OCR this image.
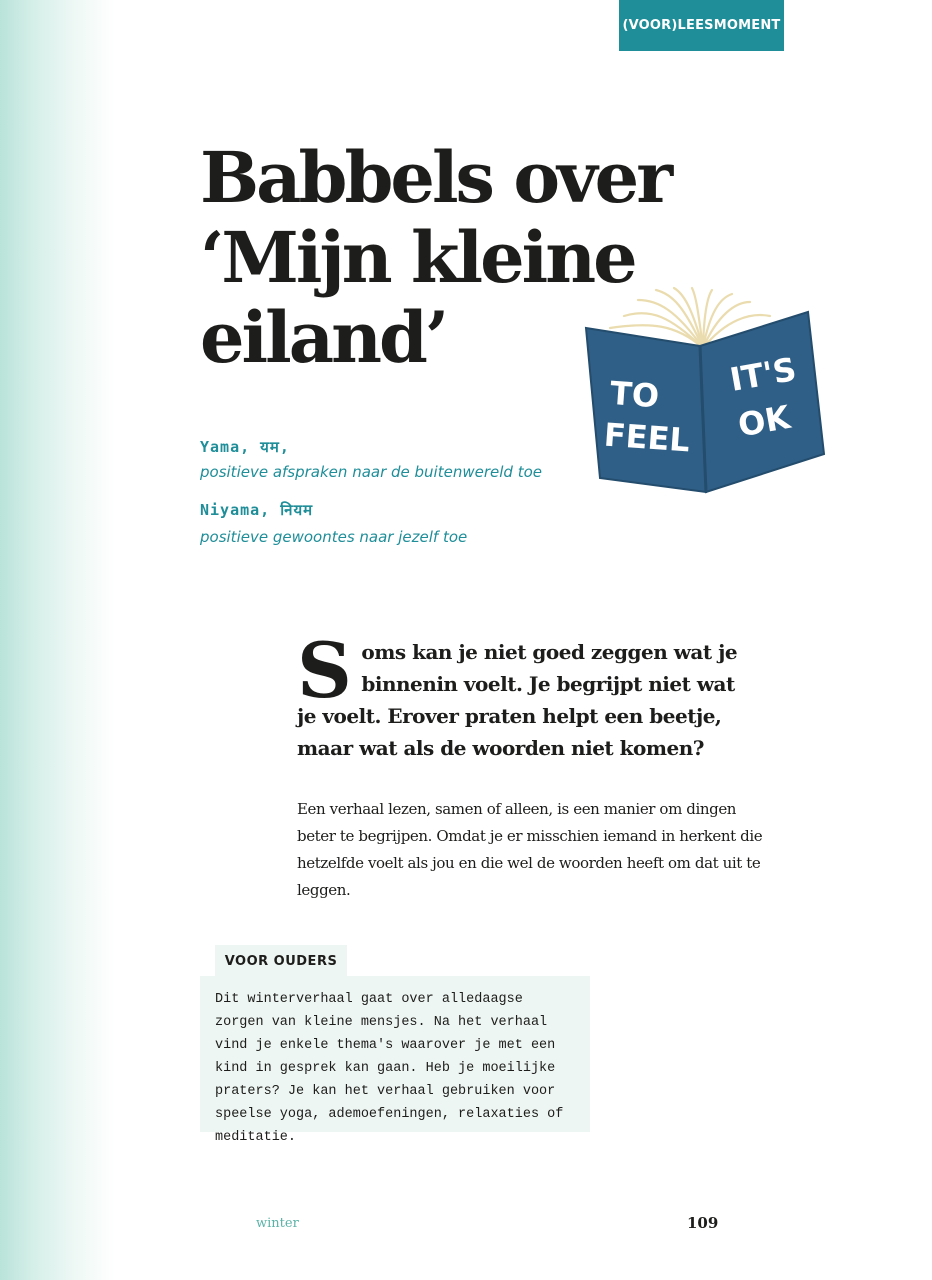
(VOOR)LEESMOMENT
Babbels over
‘Mijn kleine
eiland’
TO
FEEL
IT'S
OK
Yama, यम,
positieve afspraken naar de buitenwereld toe
Niyama, नियम
positieve gewoontes naar jezelf toe

Soms kan je niet goed zeggen wat je binnenin voelt. Je begrijpt niet wat je voelt. Erover praten helpt een beetje, maar wat als de woorden niet komen?

Een verhaal lezen, samen of alleen, is een manier om dingen beter te begrijpen. Omdat je er misschien iemand in herkent die hetzelfde voelt als jou en die wel de woorden heeft om dat uit te leggen.

VOOR OUDERS

Dit winterverhaal gaat over alledaagse zorgen van kleine mensjes. Na het verhaal vind je enkele thema's waarover je met een kind in gesprek kan gaan. Heb je moeilijke praters? Je kan het verhaal gebruiken voor speelse yoga, ademoefeningen, relaxaties of meditatie.

winter	109
